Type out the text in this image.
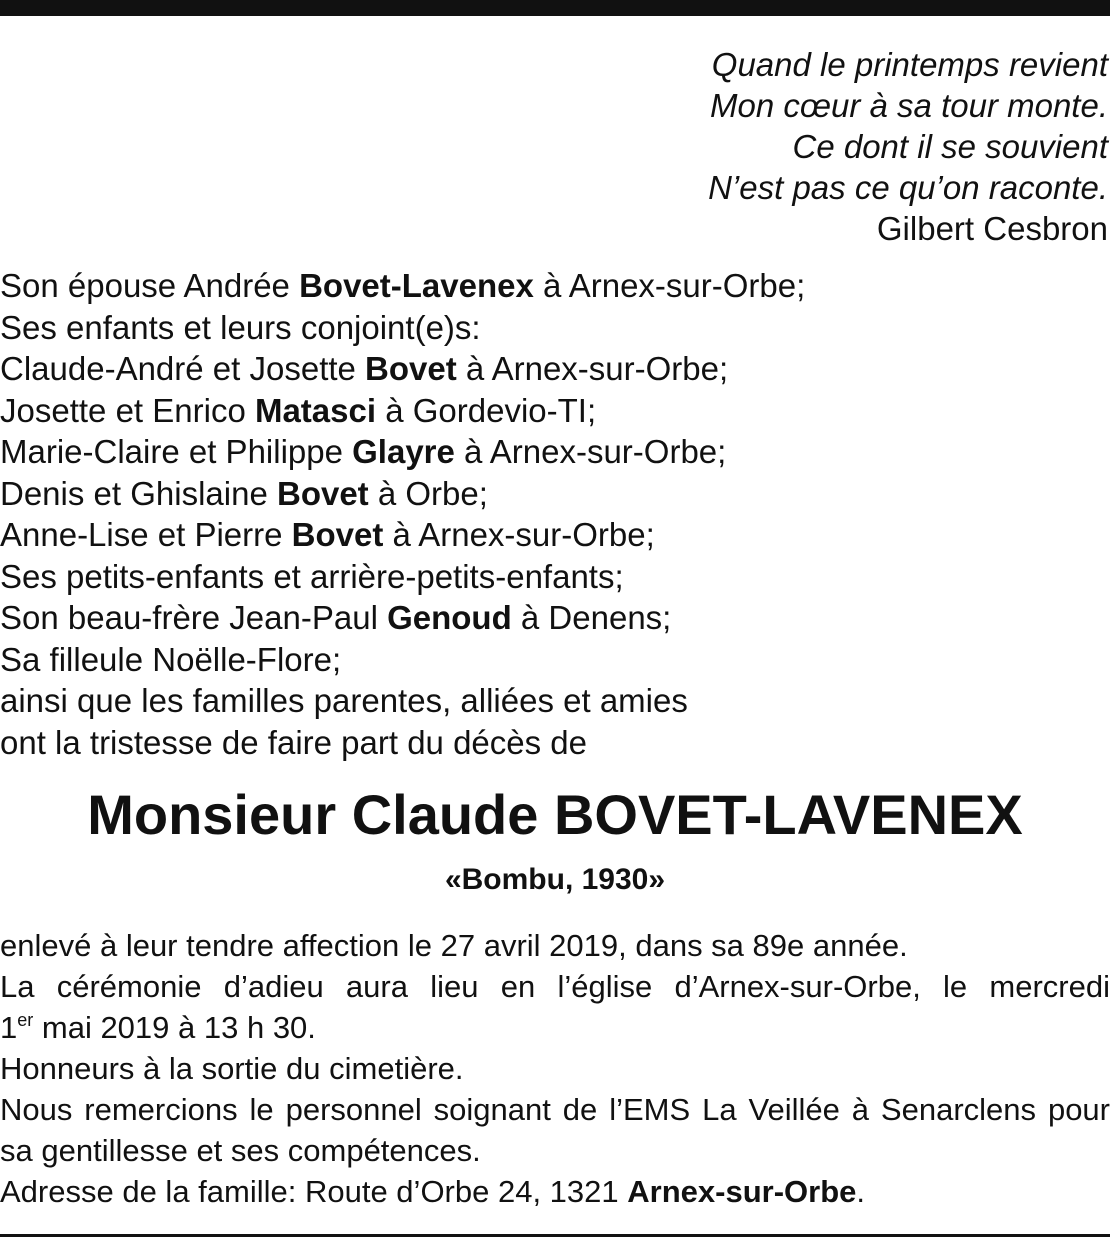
Quand le printemps revient
Mon cœur à sa tour monte.
Ce dont il se souvient
N’est pas ce qu’on raconte.
Gilbert Cesbron
Son épouse Andrée Bovet-Lavenex à Arnex-sur-Orbe;
Ses enfants et leurs conjoint(e)s:
Claude-André et Josette Bovet à Arnex-sur-Orbe;
Josette et Enrico Matasci à Gordevio-TI;
Marie-Claire et Philippe Glayre à Arnex-sur-Orbe;
Denis et Ghislaine Bovet à Orbe;
Anne-Lise et Pierre Bovet à Arnex-sur-Orbe;
Ses petits-enfants et arrière-petits-enfants;
Son beau-frère Jean-Paul Genoud à Denens;
Sa filleule Noëlle-Flore;
ainsi que les familles parentes, alliées et amies
ont la tristesse de faire part du décès de
Monsieur Claude BOVET-LAVENEX
«Bombu, 1930»
enlevé à leur tendre affection le 27 avril 2019, dans sa 89e année.
La cérémonie d’adieu aura lieu en l’église d’Arnex-sur-Orbe, le mercredi
1er mai 2019 à 13 h 30.
Honneurs à la sortie du cimetière.
Nous remercions le personnel soignant de l’EMS La Veillée à Senarclens pour
sa gentillesse et ses compétences.
Adresse de la famille: Route d’Orbe 24, 1321 Arnex-sur-Orbe.
